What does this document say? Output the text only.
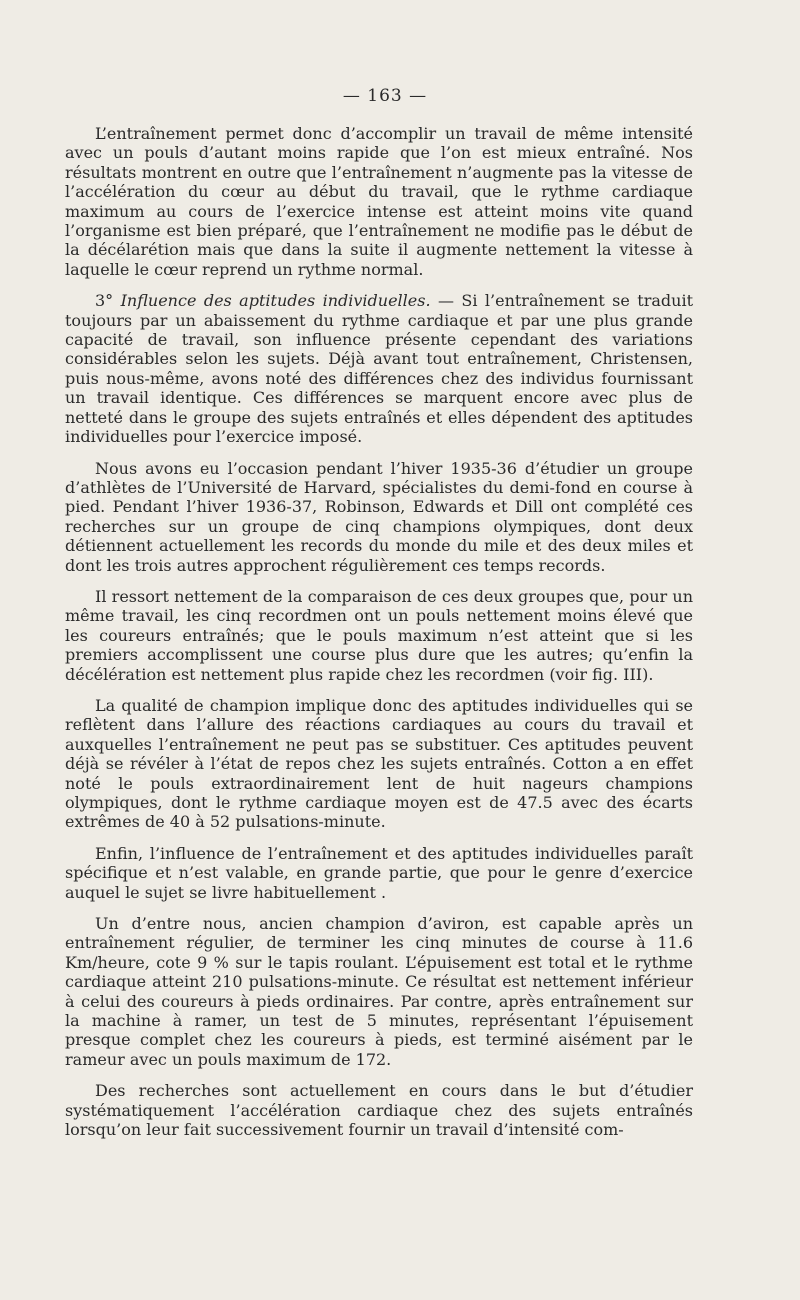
— 163 —

L’entraînement permet donc d’accomplir un travail de même intensité avec un pouls d’autant moins rapide que l’on est mieux entraîné. Nos résultats montrent en outre que l’entraînement n’augmente pas la vitesse de l’accélération du cœur au début du travail, que le rythme cardiaque maximum au cours de l’exercice intense est atteint moins vite quand l’organisme est bien préparé, que l’entraînement ne modifie pas le début de la décélarétion mais que dans la suite il augmente nettement la vitesse à laquelle le cœur reprend un rythme normal.

3° Influence des aptitudes individuelles. — Si l’entraînement se traduit toujours par un abaissement du rythme cardiaque et par une plus grande capacité de travail, son influence présente cependant des variations considérables selon les sujets. Déjà avant tout entraînement, Christensen, puis nous-même, avons noté des différences chez des individus fournissant un travail identique. Ces différences se marquent encore avec plus de netteté dans le groupe des sujets entraînés et elles dépendent des aptitudes individuelles pour l’exercice imposé.

Nous avons eu l’occasion pendant l’hiver 1935-36 d’étudier un groupe d’athlètes de l’Université de Harvard, spécialistes du demi-fond en course à pied. Pendant l’hiver 1936-37, Robinson, Edwards et Dill ont complété ces recherches sur un groupe de cinq champions olympiques, dont deux détiennent actuellement les records du monde du mile et des deux miles et dont les trois autres approchent régulièrement ces temps records.

Il ressort nettement de la comparaison de ces deux groupes que, pour un même travail, les cinq recordmen ont un pouls nettement moins élevé que les coureurs entraînés; que le pouls maximum n’est atteint que si les premiers accomplissent une course plus dure que les autres; qu’enfin la décélération est nettement plus rapide chez les recordmen (voir fig. III).

La qualité de champion implique donc des aptitudes individuelles qui se reflètent dans l’allure des réactions cardiaques au cours du travail et auxquelles l’entraînement ne peut pas se substituer. Ces aptitudes peuvent déjà se révéler à l’état de repos chez les sujets entraînés. Cotton a en effet noté le pouls extraordinairement lent de huit nageurs champions olympiques, dont le rythme cardiaque moyen est de 47.5 avec des écarts extrêmes de 40 à 52 pulsations-minute.

Enfin, l’influence de l’entraînement et des aptitudes individuelles paraît spécifique et n’est valable, en grande partie, que pour le genre d’exercice auquel le sujet se livre habituellement .

Un d’entre nous, ancien champion d’aviron, est capable après un entraînement régulier, de terminer les cinq minutes de course à 11.6 Km/heure, cote 9 % sur le tapis roulant. L’épuisement est total et le rythme cardiaque atteint 210 pulsations-minute. Ce résultat est nettement inférieur à celui des coureurs à pieds ordinaires. Par contre, après entraînement sur la machine à ramer, un test de 5 minutes, représentant l’épuisement presque complet chez les coureurs à pieds, est terminé aisément par le rameur avec un pouls maximum de 172.

Des recherches sont actuellement en cours dans le but d’étudier systématiquement l’accélération cardiaque chez des sujets entraînés lorsqu’on leur fait successivement fournir un travail d’intensité com-
